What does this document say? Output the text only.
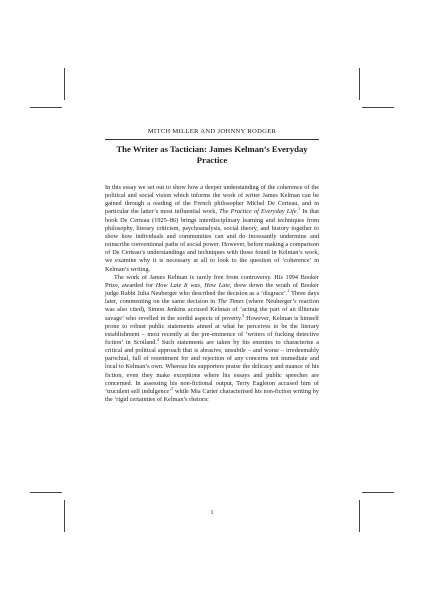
MITCH MILLER AND JOHNNY RODGER
The Writer as Tactician: James Kelman’s Everyday Practice

In this essay we set out to show how a deeper understanding of the coherence of the political and social vision which informs the work of writer James Kelman can be gained through a reading of the French philosopher Michel De Certeau, and in particular the latter’s most influential work, The Practice of Everyday Life.$^1$ In that book De Certeau (1925–86) brings interdisciplinary learning and techniques from philosophy, literary criticism, psychoanalysis, social theory, and history together to show how individuals and communities can and do incessantly undermine and reinscribe conventional paths of social power. However, before making a comparison of De Certeau’s understandings and techniques with those found in Kelman’s work, we examine why it is necessary at all to look to the question of ‘coherence’ in Kelman’s writing.

The work of James Kelman is rarely free from controversy. His 1994 Booker Prize, awarded for How Late It was, How Late, drew down the wrath of Booker judge Rabbi Julia Neuberger who described the decision as a ‘disgrace’.$^2$ Three days later, commenting on the same decision in The Times (where Neuberger’s reaction was also cited), Simon Jenkins accused Kelman of ‘acting the part of an illiterate savage’ who revelled in the sordid aspects of poverty.$^3$ However, Kelman is himself prone to robust public statements aimed at what he perceives to be the literary establishment – most recently at the pre-eminence of ‘writers of fucking detective fiction’ in Scotland.$^4$ Such statements are taken by his enemies to characterise a critical and political approach that is abrasive, unsubtle – and worse – irredeemably parochial, full of resentment for and rejection of any concerns not immediate and local to Kelman’s own. Whereas his supporters praise the delicacy and nuance of his fiction, even they make exceptions where his essays and public speeches are concerned. In assessing his non-fictional output, Terry Eagleton accused him of ‘truculent self indulgence’$^5$ while Mia Carter characterised his non-fiction writing by the ‘rigid certainties of Kelman’s rhetoric

1
